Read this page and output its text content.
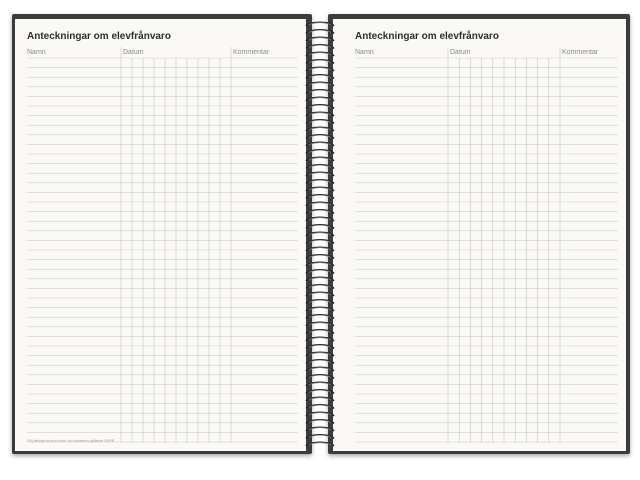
Anteckningar om elevfrånvaro
Namn	Datum	Kommentar
Följ riktlinjerna som finns i din kommuns gällande GDPR
Anteckningar om elevfrånvaro
Namn	Datum	Kommentar
